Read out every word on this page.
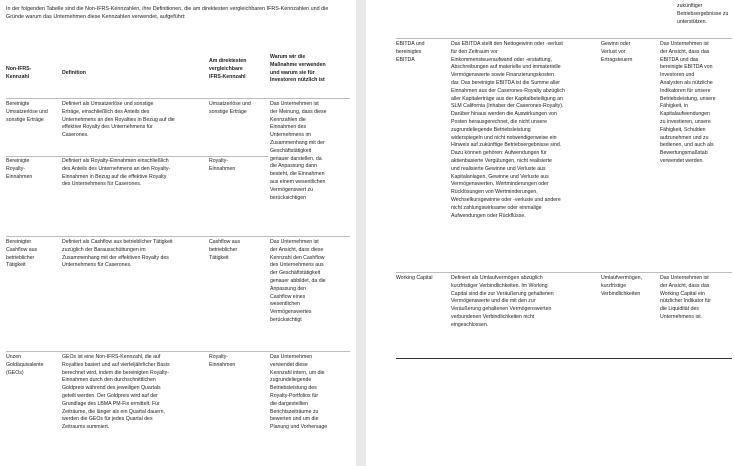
In der folgenden Tabelle sind die Non-IFRS-Kennzahlen, ihre Definitionen, die am direktesten vergleichbaren IFRS-Kennzahlen und die Gründe warum das Unternehmen diese Kennzahlen verwendet, aufgeführt:
Non-IFRS-
Kennzahl
Definition
Am direktesten
vergleichbare
IFRS-Kennzahl
Warum wir die
Maßnahme verwenden
und warum sie für
Investoren nützlich ist
Bereinigte
Umsatzerlöse und
sonstige Erträge
Definiert als Umsatzerlöse und sonstige
Erträge, einschließlich des Anteils des
Unternehmens an den Royalties in Bezug auf die
effektive Royalty des Unternehmens für
Caserones.
Umsatzerlöse und
sonstige Erträge
Das Unternehmen ist
der Meinung, dass diese
Kennzahlen die
Einnahmen des
Unternehmens im
Zusammenhang mit der
Geschäftstätigkeit
genauer darstellen, da
die Anpassung dann
besteht, die Einnahmen
aus einem wesentlichen
Vermögenswert zu
berücksichtigen
Bereinigte
Royalty-
Einnahmen
Definiert als Royalty-Einnahmen einschließlich
des Anteils des Unternehmens an den Royalty-
Einnahmen in Bezug auf die effektive Royalty
des Unternehmens für Caserones.
Royalty-
Einnahmen
Bereinigter
Cashflow aus
betrieblicher
Tätigkeit
Definiert als Cashflow aus betrieblicher Tätigkeit
zuzüglich der Barausschüttungen im
Zusammenhang mit der effektiven Royalty des
Unternehmens für Caserones.
Cashflow aus
betrieblicher
Tätigkeit
Das Unternehmen ist
der Ansicht, dass diese
Kennzahl den Cashflow
des Unternehmens aus
der Geschäftstätigkeit
genauer abbildet, da die
Anpassung den
Cashflow eines
wesentlichen
Vermögenswertes
berücksichtigt
Unzen
Goldäquivalente
(GEOs)
GEOs ist eine Non-IFRS-Kennzahl, die auf
Royalties basiert und auf vierteljährlicher Basis
berechnet wird, indem die bereinigten Royalty-
Einnahmen durch den durchschnittlichen
Goldpreis während des jeweiligen Quartals
geteilt werden. Der Goldpreis wird auf der
Grundlage des LBMA PM-Fix ermittelt. Für
Zeiträume, die länger als ein Quartal dauern,
werden die GEOs für jedes Quartal des
Zeitraums summiert.
Royalty-
Einnahmen
Das Unternehmen
verwendet diese
Kennzahl intern, um die
zugrundeliegende
Betriebsleistung des
Royalty-Portfolios für
die dargestellten
Berichtszeiträume zu
bewerten und um die
Planung und Vorhersage
zukünftiger
Betriebsergebnisse zu
unterstützen.
EBITDA und
bereinigtes
EBITDA
Das EBITDA stellt den Nettogewinn oder -verlust
für den Zeitraum vor
Einkommensteueraufwand oder -erstattung,
Abschreibungen auf materielle und immaterielle
Vermögenswerte sowie Finanzierungskosten
dar. Das bereinigte EBITDA ist die Summe aller
Einnahmen aus der Caserones-Royalty abzüglich
aller Kapitalerträge aus der Kapitalbeteiligung an
SLM California (Inhaber der Caserones-Royalty).
Darüber hinaus werden die Auswirkungen von
Posten herausgerechnet, die nicht unsere
zugrundeliegende Betriebsleistung
widerspiegeln und nicht notwendigerweise ein
Hinweis auf zukünftige Betriebsergebnisse sind.
Dazu können gehören: Aufwendungen für
aktienbasierte Vergütungen, nicht realisierte
und realisierte Gewinne und Verluste aus
Kapitalanlagen, Gewinne und Verluste aus
Vermögenswerten, Wertminderungen oder
Rücklösungen von Wertminderungen,
Wechselkursgewinne oder -verluste und andere
nicht zahlungswirksame oder einmalige
Aufwendungen oder Rückflüsse.
Gewinn oder
Verlust vor
Ertragsteuern
Das Unternehmen ist
der Ansicht, dass das
EBITDA und das
bereinigte EBITDA von
Investoren und
Analysten als nützliche
Indikatoren für unsere
Betriebsleistung, unsere
Fähigkeit, in
Kapitalaufwendungen
zu investieren, unsere
Fähigkeit, Schulden
aufzunehmen und zu
bedienen, und auch als
Bewertungsmaßstab
verwendet werden.
Working Capital	Definiert als Umlaufvermögen abzüglich
kurzfristiger Verbindlichkeiten. Im Working
Capital sind die zur Veräußerung gehaltenen
Vermögenswerte und die mit den zur
Veräußerung gehaltenen Vermögenswerten
verbundenen Verbindlichkeiten nicht
eingeschlossen.
Umlaufvermögen,
kurzfristige
Verbindlichkeiten
Das Unternehmen ist
der Ansicht, dass das
Working Capital ein
nützlicher Indikator für
die Liquidität des
Unternehmens ist.
